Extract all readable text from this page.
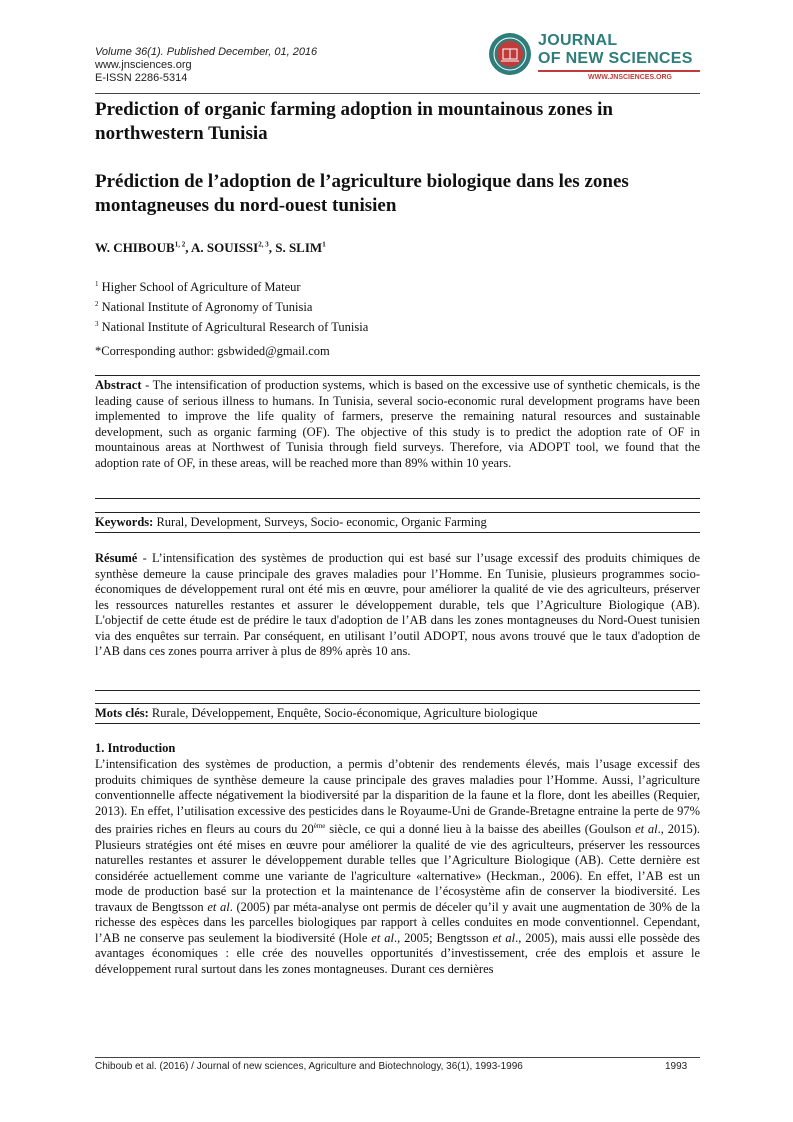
Volume 36(1). Published December, 01, 2016
www.jnsciences.org
E-ISSN 2286-5314
JOURNAL
OF NEW SCIENCES
WWW.JNSCIENCES.ORG
Prediction of organic farming adoption in mountainous zones in northwestern Tunisia
Prédiction de l’adoption de l’agriculture biologique dans les zones montagneuses du nord-ouest tunisien
W. CHIBOUB$^{1, 2}$, A. SOUISSI$^{2, 3}$, S. SLIM$^1$
$^1$ Higher School of Agriculture of Mateur
$^2$ National Institute of Agronomy of Tunisia
$^3$ National Institute of Agricultural Research of Tunisia
*Corresponding author: gsbwided@gmail.com
Abstract - The intensification of production systems, which is based on the excessive use of synthetic chemicals, is the leading cause of serious illness to humans. In Tunisia, several socio-economic rural development programs have been implemented to improve the life quality of farmers, preserve the remaining natural resources and sustainable development, such as organic farming (OF). The objective of this study is to predict the adoption rate of OF in mountainous areas at Northwest of Tunisia through field surveys. Therefore, via ADOPT tool, we found that the adoption rate of OF, in these areas, will be reached more than 89% within 10 years.
Keywords: Rural, Development, Surveys, Socio- economic, Organic Farming
Résumé - L’intensification des systèmes de production qui est basé sur l’usage excessif des produits chimiques de synthèse demeure la cause principale des graves maladies pour l’Homme. En Tunisie, plusieurs programmes socio-économiques de développement rural ont été mis en œuvre, pour améliorer la qualité de vie des agriculteurs, préserver les ressources naturelles restantes et assurer le développement durable, tels que l’Agriculture Biologique (AB). L'objectif de cette étude est de prédire le taux d'adoption de l’AB dans les zones montagneuses du Nord-Ouest tunisien via des enquêtes sur terrain. Par conséquent, en utilisant l’outil ADOPT, nous avons trouvé que le taux d'adoption de l’AB dans ces zones pourra arriver à plus de 89% après 10 ans.
Mots clés: Rurale, Développement, Enquête, Socio-économique, Agriculture biologique
1. Introduction
L’intensification des systèmes de production, a permis d’obtenir des rendements élevés, mais l’usage excessif des produits chimiques de synthèse demeure la cause principale des graves maladies pour l’Homme. Aussi, l’agriculture conventionnelle affecte négativement la biodiversité par la disparition de la faune et la flore, dont les abeilles (Requier, 2013). En effet, l’utilisation excessive des pesticides dans le Royaume-Uni de Grande-Bretagne entraine la perte de 97% des prairies riches en fleurs au cours du 20ème siècle, ce qui a donné lieu à la baisse des abeilles (Goulson et al., 2015). Plusieurs stratégies ont été mises en œuvre pour améliorer la qualité de vie des agriculteurs, préserver les ressources naturelles restantes et assurer le développement durable telles que l’Agriculture Biologique (AB). Cette dernière est considérée actuellement comme une variante de l'agriculture «alternative» (Heckman., 2006). En effet, l’AB est un mode de production basé sur la protection et la maintenance de l’écosystème afin de conserver la biodiversité. Les travaux de Bengtsson et al. (2005) par méta-analyse ont permis de déceler qu’il y avait une augmentation de 30% de la richesse des espèces dans les parcelles biologiques par rapport à celles conduites en mode conventionnel. Cependant, l’AB ne conserve pas seulement la biodiversité (Hole et al., 2005; Bengtsson et al., 2005), mais aussi elle possède des avantages économiques : elle crée des nouvelles opportunités d’investissement, crée des emplois et assure le développement rural surtout dans les zones montagneuses. Durant ces dernières
Chiboub et al. (2016) / Journal of new sciences, Agriculture and Biotechnology, 36(1), 1993-1996	1993
